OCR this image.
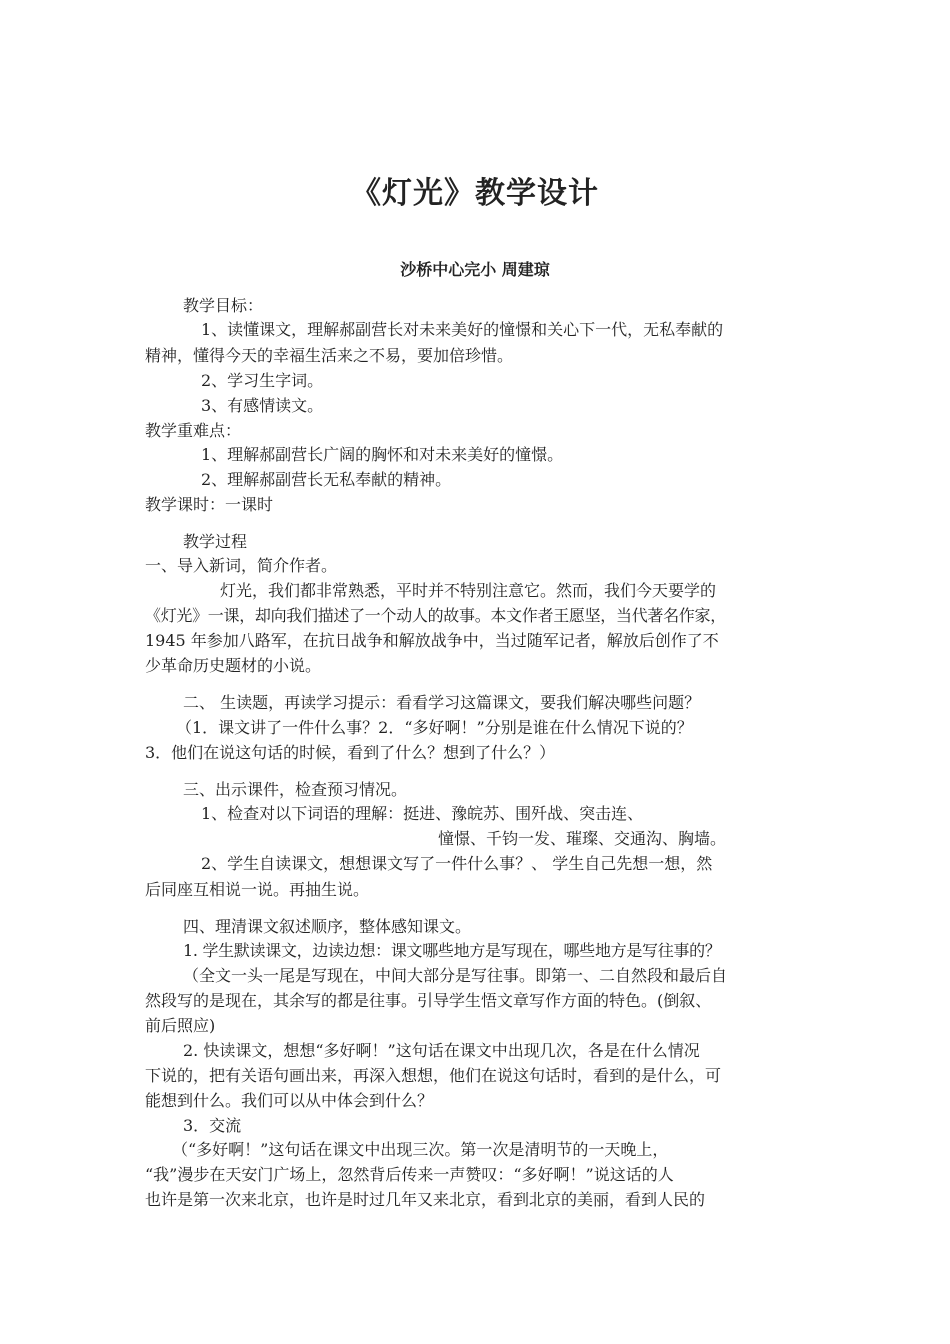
《灯光》教学设计
沙桥中心完小 周建琼
教学目标：
1、读懂课文，理解郝副营长对未来美好的憧憬和关心下一代，无私奉献的
精神，懂得今天的幸福生活来之不易，要加倍珍惜。
2、学习生字词。
3、有感情读文。
教学重难点：
1、理解郝副营长广阔的胸怀和对未来美好的憧憬。
2、理解郝副营长无私奉献的精神。
教学课时：一课时
教学过程
一、导入新词，简介作者。
灯光，我们都非常熟悉，平时并不特别注意它。然而，我们今天要学的
《灯光》一课，却向我们描述了一个动人的故事。本文作者王愿坚，当代著名作家，
1945 年参加八路军，在抗日战争和解放战争中，当过随军记者，解放后创作了不
少革命历史题材的小说。
二、 生读题，再读学习提示：看看学习这篇课文，要我们解决哪些问题？
（1．课文讲了一件什么事？2．“多好啊！”分别是谁在什么情况下说的？
3．他们在说这句话的时候，看到了什么？想到了什么？）
三、出示课件，检查预习情况。
1、检查对以下词语的理解：挺进、豫皖苏、围歼战、突击连、
憧憬、千钧一发、璀璨、交通沟、胸墙。
2、学生自读课文，想想课文写了一件什么事？、 学生自己先想一想，然
后同座互相说一说。再抽生说。
四、理清课文叙述顺序，整体感知课文。
1. 学生默读课文，边读边想：课文哪些地方是写现在，哪些地方是写往事的？
（全文一头一尾是写现在，中间大部分是写往事。即第一、二自然段和最后自
然段写的是现在，其余写的都是往事。引导学生悟文章写作方面的特色。(倒叙、
前后照应)
2. 快读课文，想想“多好啊！”这句话在课文中出现几次，各是在什么情况
下说的，把有关语句画出来，再深入想想，他们在说这句话时，看到的是什么，可
能想到什么。我们可以从中体会到什么？
3．交流
（“多好啊！”这句话在课文中出现三次。第一次是清明节的一天晚上，
“我”漫步在天安门广场上，忽然背后传来一声赞叹：“多好啊！”说这话的人
也许是第一次来北京，也许是时过几年又来北京，看到北京的美丽，看到人民的
